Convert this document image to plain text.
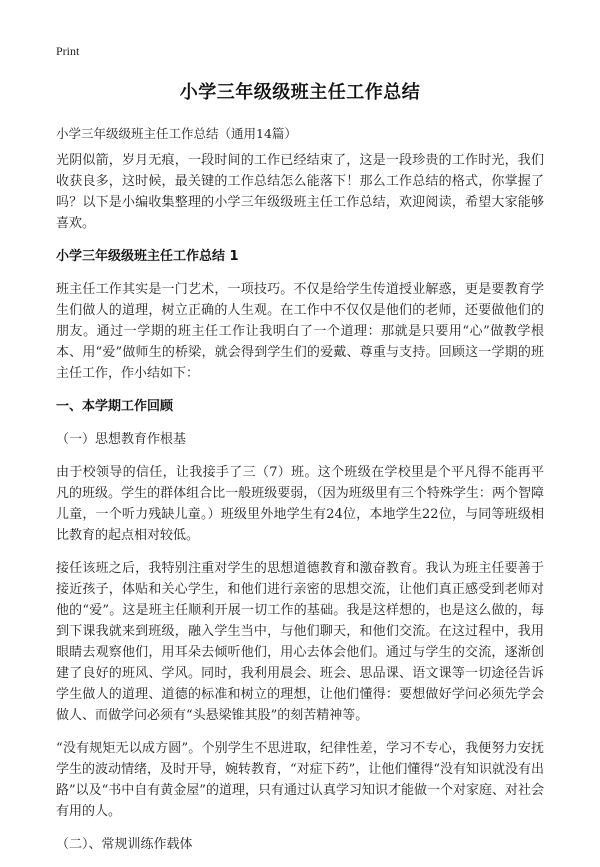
Print
小学三年级级班主任工作总结
小学三年级级班主任工作总结（通用14篇）

光阴似箭，岁月无痕，一段时间的工作已经结束了，这是一段珍贵的工作时光，我们收获良多，这时候，最关键的工作总结怎么能落下！那么工作总结的格式，你掌握了吗？以下是小编收集整理的小学三年级级班主任工作总结，欢迎阅读，希望大家能够喜欢。

小学三年级级班主任工作总结 1

班主任工作其实是一门艺术，一项技巧。不仅是给学生传道授业解惑，更是要教育学生们做人的道理，树立正确的人生观。在工作中不仅仅是他们的老师，还要做他们的朋友。通过一学期的班主任工作让我明白了一个道理：那就是只要用“心”做教学根本、用“爱”做师生的桥梁，就会得到学生们的爱戴、尊重与支持。回顾这一学期的班主任工作，作小结如下：

一、本学期工作回顾
（一）思想教育作根基

由于校领导的信任，让我接手了三（7）班。这个班级在学校里是个平凡得不能再平凡的班级。学生的群体组合比一般班级要弱，（因为班级里有三个特殊学生：两个智障儿童，一个听力残缺儿童。）班级里外地学生有24位，本地学生22位，与同等班级相比教育的起点相对较低。

接任该班之后，我特别注重对学生的思想道德教育和激奋教育。我认为班主任要善于接近孩子，体贴和关心学生，和他们进行亲密的思想交流，让他们真正感受到老师对他的“爱”。这是班主任顺利开展一切工作的基础。我是这样想的，也是这么做的，每到下课我就来到班级，融入学生当中，与他们聊天，和他们交流。在这过程中，我用眼睛去观察他们，用耳朵去倾听他们，用心去体会他们。通过与学生的交流，逐渐创建了良好的班风、学风。同时，我利用晨会、班会、思品课、语文课等一切途径告诉学生做人的道理、道德的标准和树立的理想，让他们懂得：要想做好学问必须先学会做人、而做学问必须有“头悬梁锥其股”的刻苦精神等。

“没有规矩无以成方圆”。个别学生不思进取，纪律性差，学习不专心，我便努力安抚学生的波动情绪，及时开导，婉转教育，“对症下药”，让他们懂得“没有知识就没有出路”以及“书中自有黄金屋”的道理，只有通过认真学习知识才能做一个对家庭、对社会有用的人。

（二）、常规训练作载体
